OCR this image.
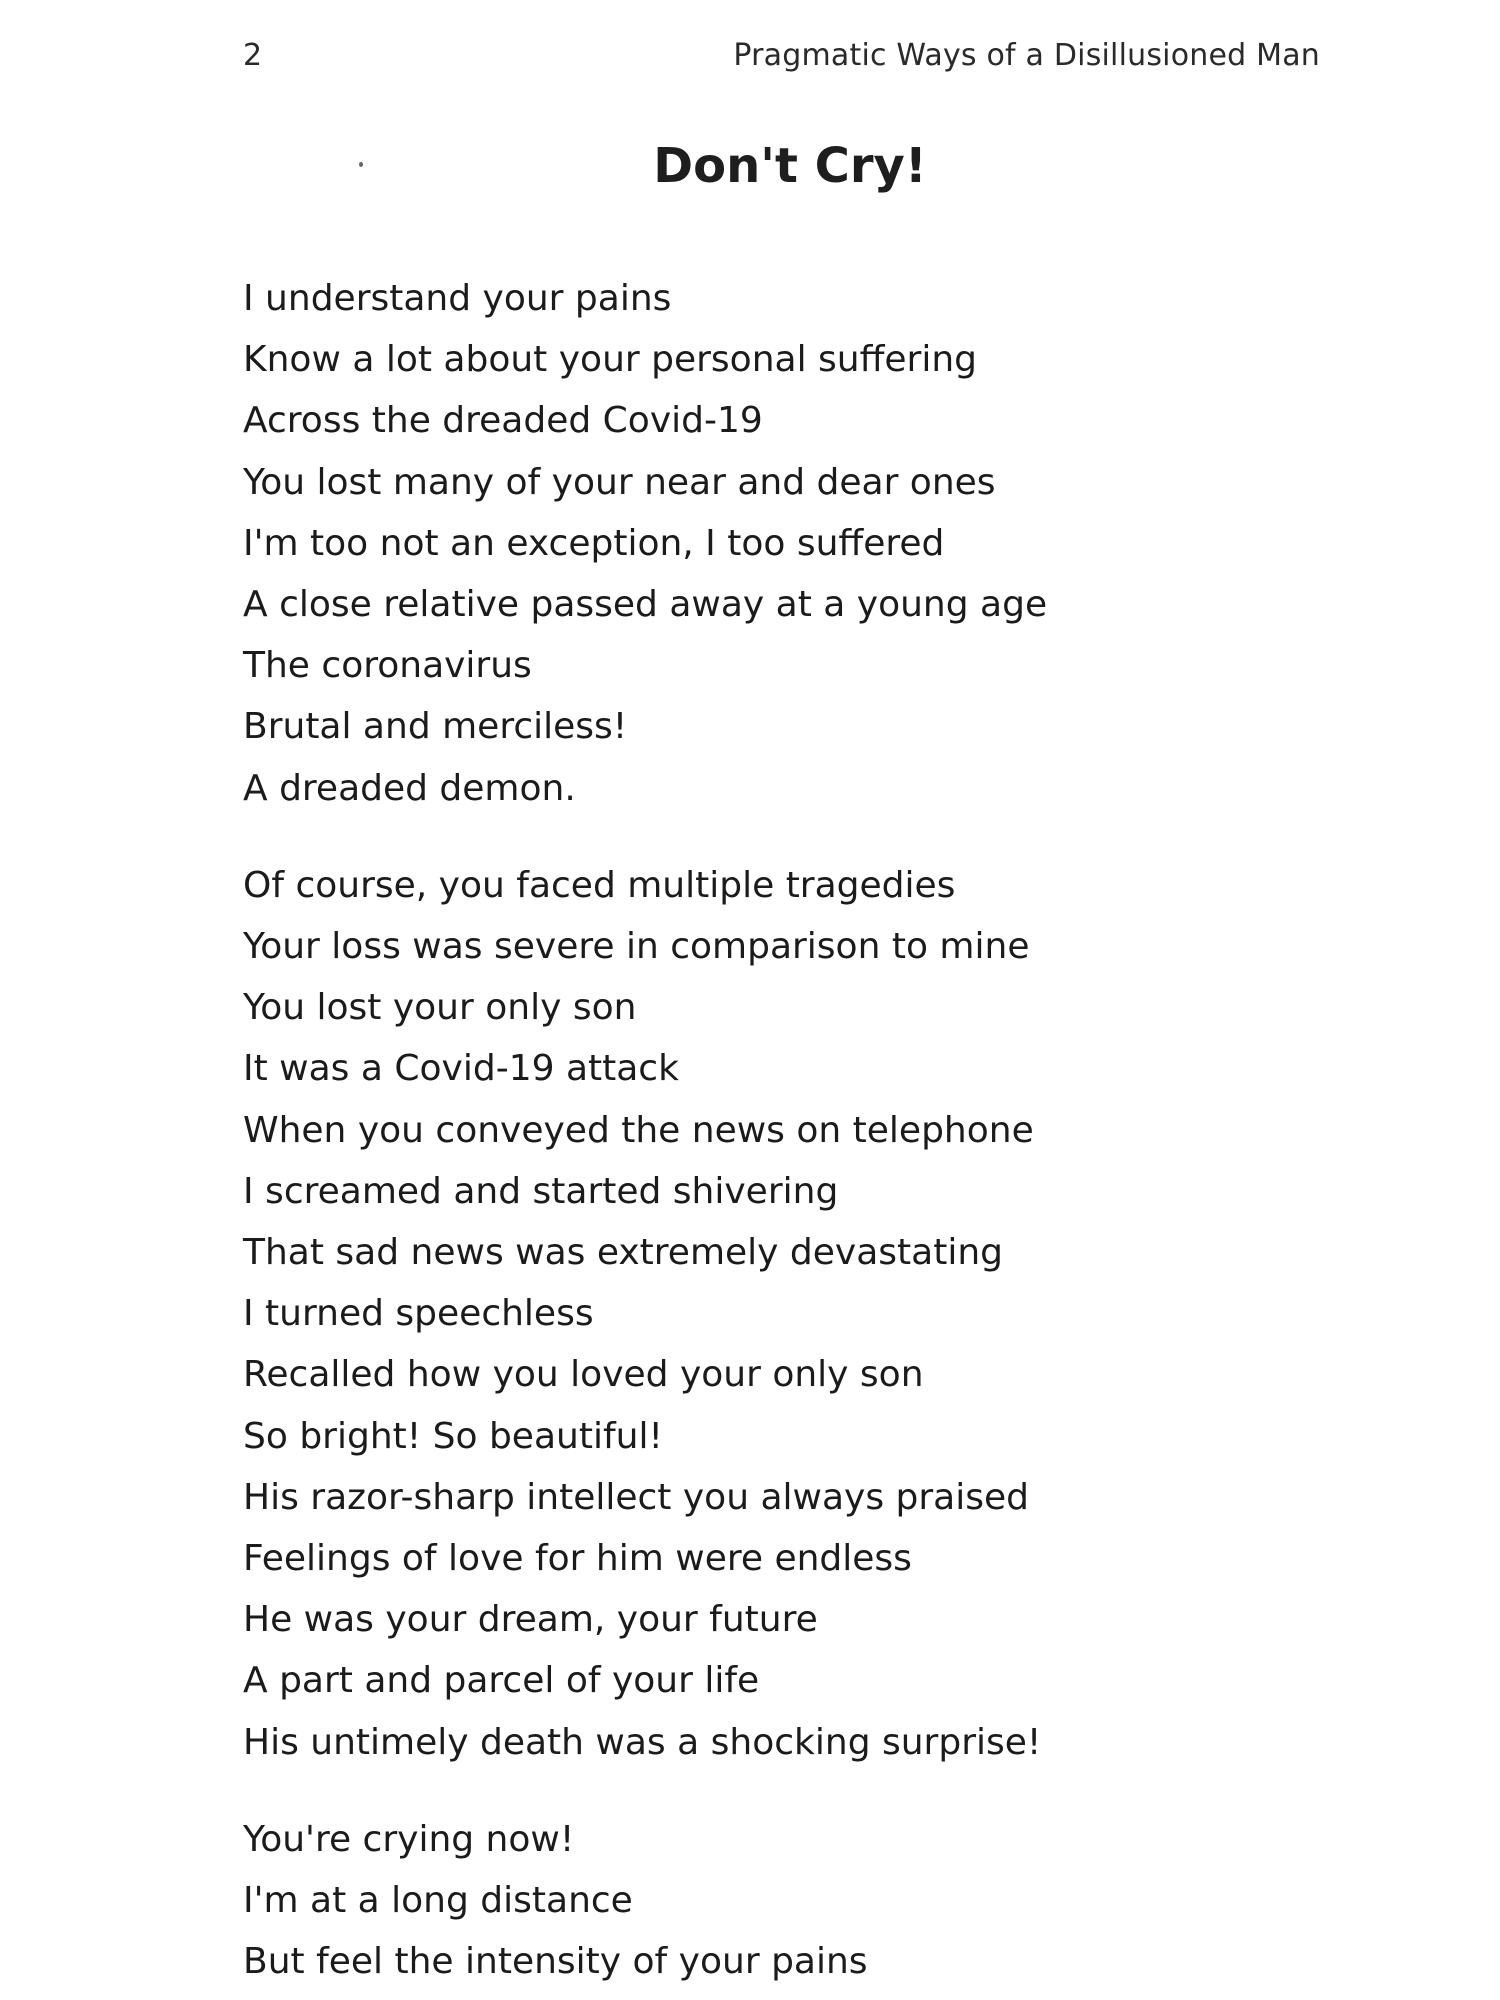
2	Pragmatic Ways of a Disillusioned Man
Don't Cry!
I understand your pains
Know a lot about your personal suffering
Across the dreaded Covid-19
You lost many of your near and dear ones
I'm too not an exception, I too suffered
A close relative passed away at a young age
The coronavirus
Brutal and merciless!
A dreaded demon.
Of course, you faced multiple tragedies
Your loss was severe in comparison to mine
You lost your only son
It was a Covid-19 attack
When you conveyed the news on telephone
I screamed and started shivering
That sad news was extremely devastating
I turned speechless
Recalled how you loved your only son
So bright! So beautiful!
His razor-sharp intellect you always praised
Feelings of love for him were endless
He was your dream, your future
A part and parcel of your life
His untimely death was a shocking surprise!
You're crying now!
I'm at a long distance
But feel the intensity of your pains
